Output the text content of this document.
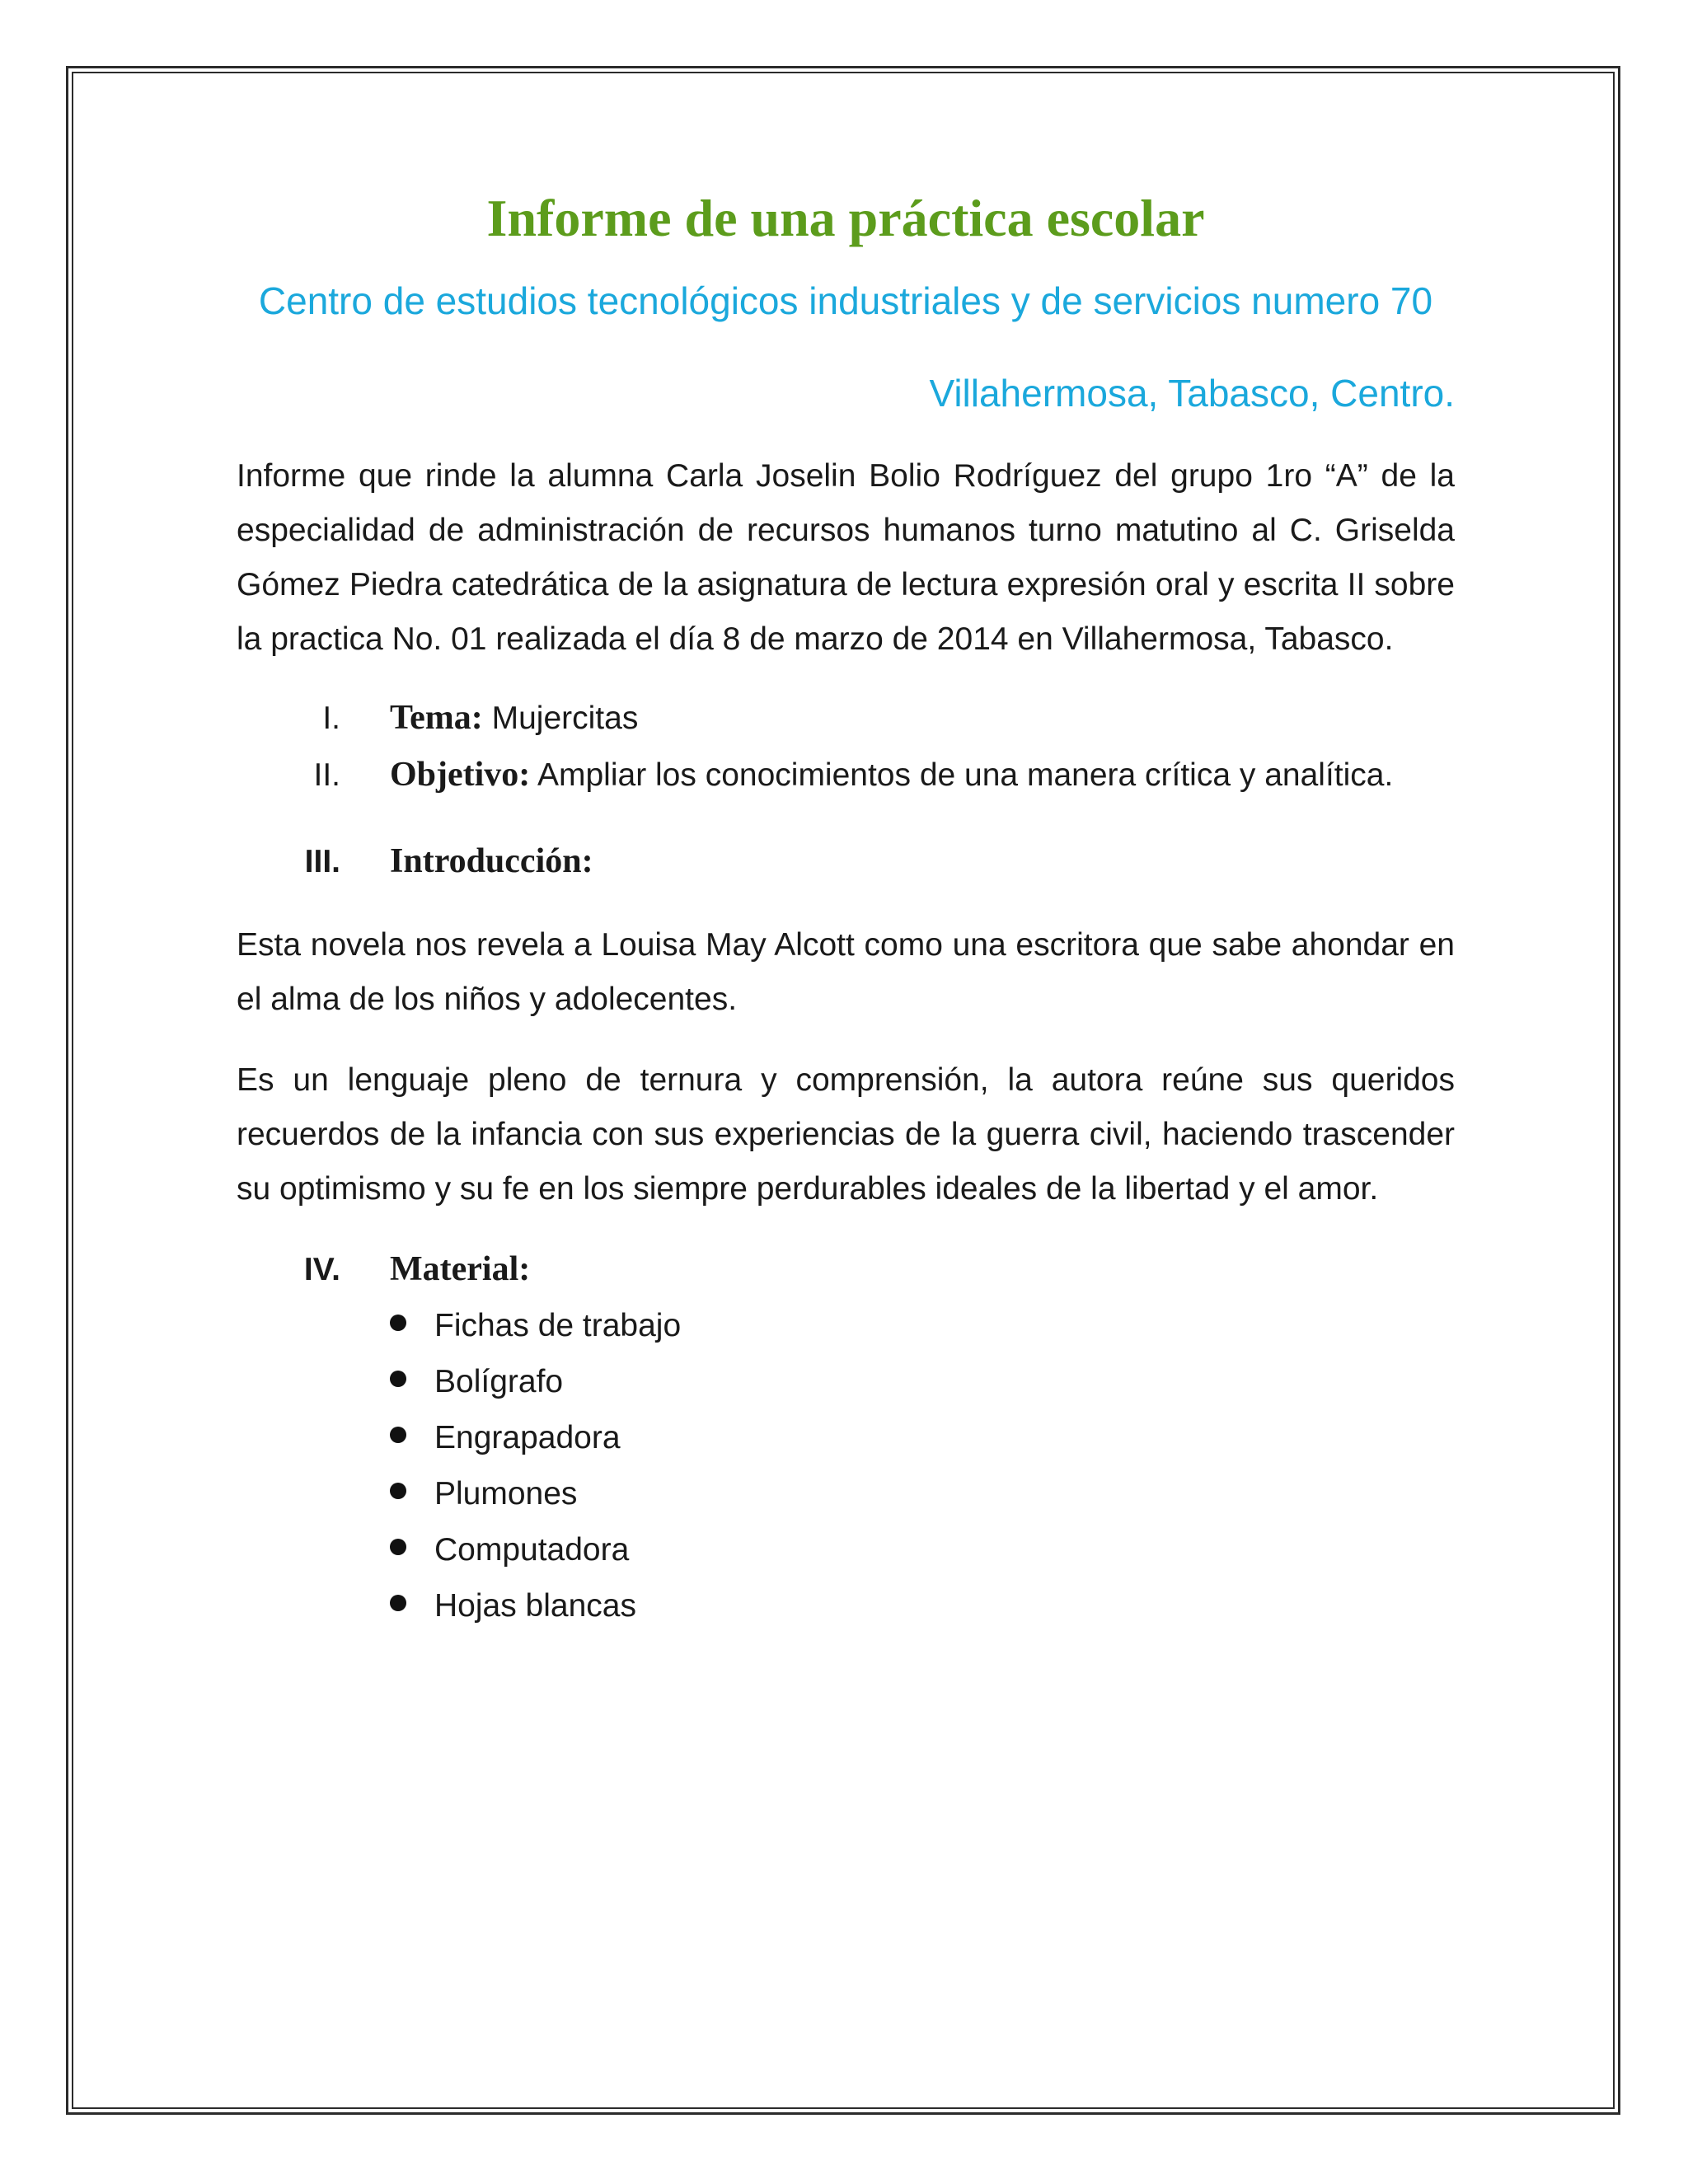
Informe de una práctica escolar

Centro de estudios tecnológicos industriales y de servicios numero 70

Villahermosa, Tabasco, Centro.

Informe que rinde la alumna Carla Joselin Bolio Rodríguez del grupo 1ro “A” de la especialidad de administración de recursos humanos turno matutino al C. Griselda Gómez Piedra catedrática de la asignatura de lectura expresión oral y escrita II sobre la practica No. 01 realizada el día 8 de marzo de 2014 en Villahermosa, Tabasco.

I. Tema: Mujercitas
II. Objetivo: Ampliar los conocimientos de una manera crítica y analítica.
III. Introducción:

Esta novela nos revela a Louisa May Alcott como una escritora que sabe ahondar en el alma de los niños y adolecentes.

Es un lenguaje pleno de ternura y comprensión, la autora reúne sus queridos recuerdos de la infancia con sus experiencias de la guerra civil, haciendo trascender su optimismo y su fe en los siempre perdurables ideales de la libertad y el amor.

IV. Material:
Fichas de trabajo
Bolígrafo
Engrapadora
Plumones
Computadora
Hojas blancas
